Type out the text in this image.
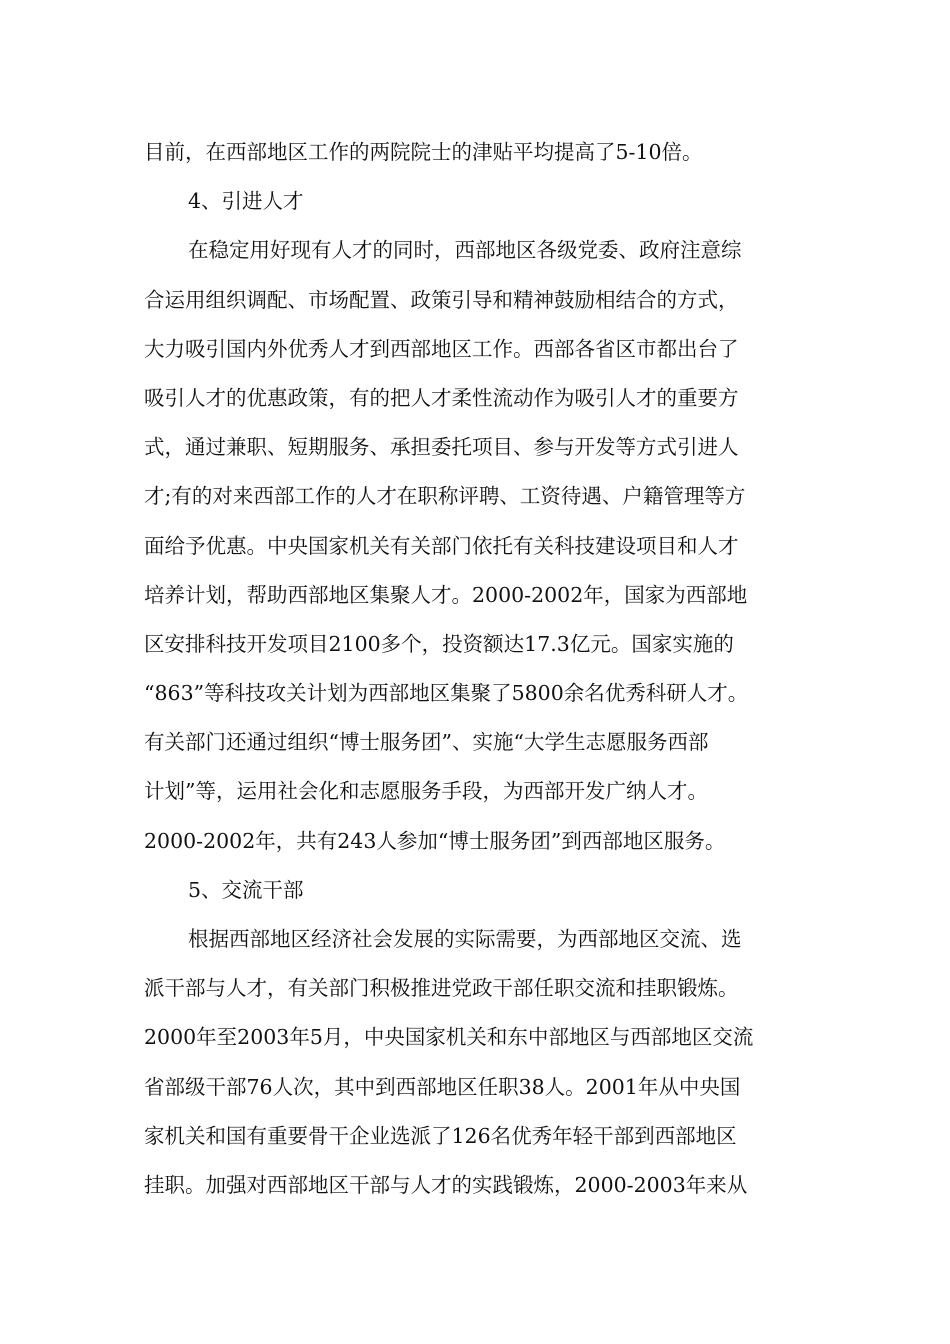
目前，在西部地区工作的两院院士的津贴平均提高了5-10倍。
4、引进人才
在稳定用好现有人才的同时，西部地区各级党委、政府注意综
合运用组织调配、市场配置、政策引导和精神鼓励相结合的方式，
大力吸引国内外优秀人才到西部地区工作。西部各省区市都出台了
吸引人才的优惠政策，有的把人才柔性流动作为吸引人才的重要方
式，通过兼职、短期服务、承担委托项目、参与开发等方式引进人
才;有的对来西部工作的人才在职称评聘、工资待遇、户籍管理等方
面给予优惠。中央国家机关有关部门依托有关科技建设项目和人才
培养计划，帮助西部地区集聚人才。2000-2002年，国家为西部地
区安排科技开发项目2100多个，投资额达17.3亿元。国家实施的
“863”等科技攻关计划为西部地区集聚了5800余名优秀科研人才。
有关部门还通过组织“博士服务团”、实施“大学生志愿服务西部
计划”等，运用社会化和志愿服务手段，为西部开发广纳人才。
2000-2002年，共有243人参加“博士服务团”到西部地区服务。
5、交流干部
根据西部地区经济社会发展的实际需要，为西部地区交流、选
派干部与人才，有关部门积极推进党政干部任职交流和挂职锻炼。
2000年至2003年5月，中央国家机关和东中部地区与西部地区交流
省部级干部76人次，其中到西部地区任职38人。2001年从中央国
家机关和国有重要骨干企业选派了126名优秀年轻干部到西部地区
挂职。加强对西部地区干部与人才的实践锻炼，2000-2003年来从
